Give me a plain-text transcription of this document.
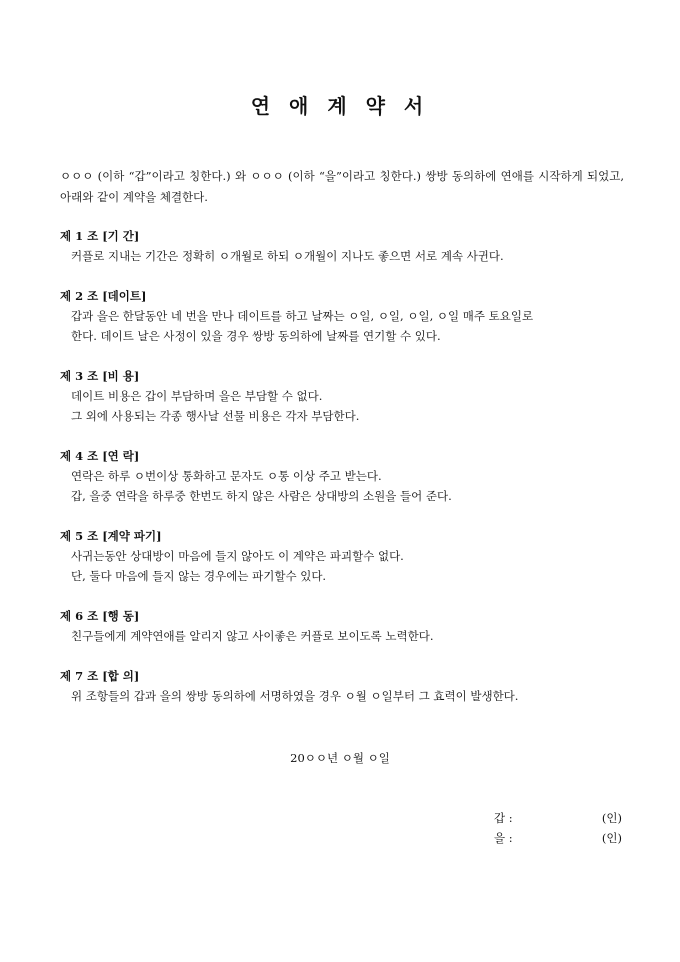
연 애 계 약 서

ㅇㅇㅇ (이하 “갑”이라고 칭한다.) 와 ㅇㅇㅇ (이하 “을”이라고 칭한다.) 쌍방 동의하에 연애를 시작하게 되었고, 아래와 같이 계약을 체결한다.

제 1 조 [기 간]

커플로 지내는 기간은 정확히 ㅇ개월로 하되 ㅇ개월이 지나도 좋으면 서로 계속 사귄다.

제 2 조 [데이트]

갑과 을은 한달동안 네 번을 만나 데이트를 하고 날짜는 ㅇ일, ㅇ일, ㅇ일, ㅇ일 매주 토요일로

한다. 데이트 날은 사정이 있을 경우 쌍방 동의하에 날짜를 연기할 수 있다.

제 3 조 [비 용]

데이트 비용은 갑이 부담하며 을은 부담할 수 없다.

그 외에 사용되는 각종 행사날 선물 비용은 각자 부담한다.

제 4 조 [연 락]

연락은 하루 ㅇ번이상 통화하고 문자도 ㅇ통 이상 주고 받는다.

갑, 을중 연락을 하루중 한번도 하지 않은 사람은 상대방의 소원을 들어 준다.

제 5 조 [계약 파기]

사귀는동안 상대방이 마음에 들지 않아도 이 계약은 파괴할수 없다.

단, 둘다 마음에 들지 않는 경우에는 파기할수 있다.

제 6 조 [행 동]

친구들에게 계약연애를 알리지 않고 사이좋은 커플로 보이도록 노력한다.

제 7 조 [합 의]

위 조항들의 갑과 을의 쌍방 동의하에 서명하였을 경우 ㅇ월 ㅇ일부터 그 효력이 발생한다.

20ㅇㅇ년 ㅇ월 ㅇ일

갑 :	(인)
을 :	(인)
